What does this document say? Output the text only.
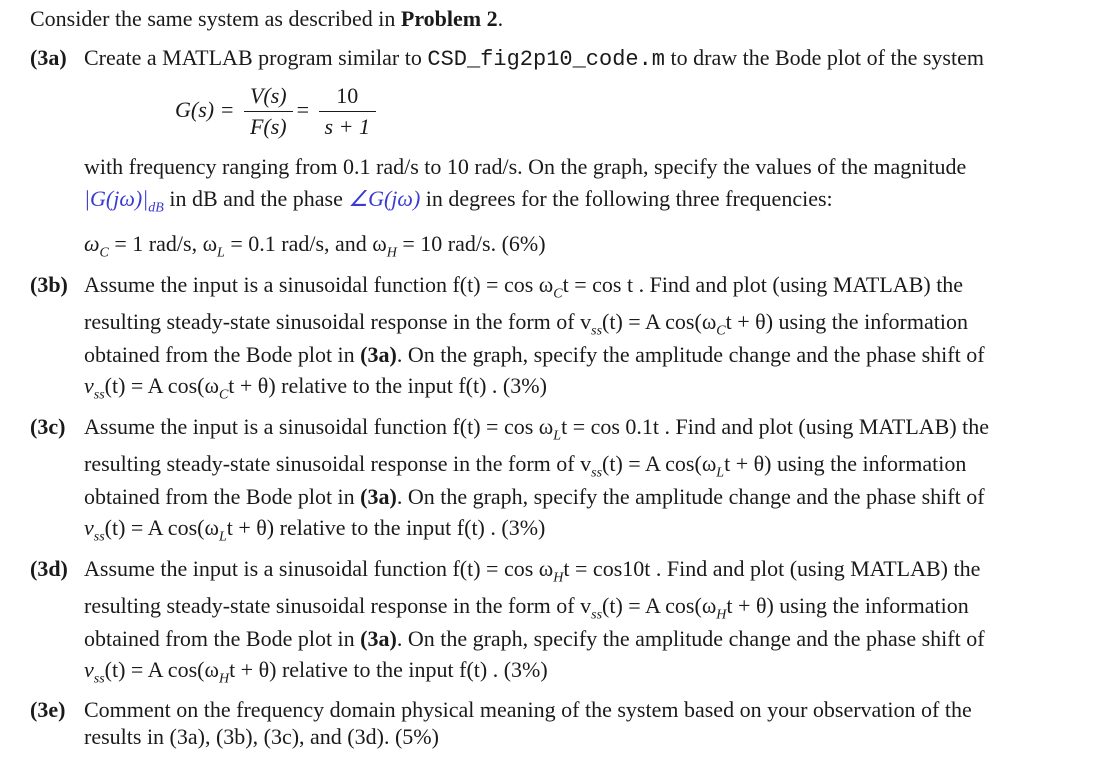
Consider the same system as described in Problem 2.
(3a) Create a MATLAB program similar to CSD_fig2p10_code.m to draw the Bode plot of the system
$G(s) = \frac{V(s)}{F(s)} = \frac{10}{s + 1}$
with frequency ranging from 0.1 rad/s to 10 rad/s. On the graph, specify the values of the magnitude
$|G(j\omega)|_{dB}$ in dB and the phase ∠G(jω) in degrees for the following three frequencies:
$\omega_C = 1$ rad/s, $\omega_L = 0.1$ rad/s, and $\omega_H = 10$ rad/s. (6%)
(3b) Assume the input is a sinusoidal function $f(t) = \cos \omega_Ct = \cos t$ . Find and plot (using MATLAB) the
resulting steady-state sinusoidal response in the form of $v_{ss}(t) = A$ $\cos(\omega_Ct + \theta)$ using the information
obtained from the Bode plot in (3a). On the graph, specify the amplitude change and the phase shift of
$v_{ss}(t) = A$ $\cos(\omega_Ct + \theta)$ relative to the input f(t) . (3%)
(3c) Assume the input is a sinusoidal function $f(t) = \cos \omega_Lt = \cos 0.1t$ . Find and plot (using MATLAB) the
resulting steady-state sinusoidal response in the form of $v_{ss}(t) = A$ $\cos(\omega_Lt + \theta)$ using the information
obtained from the Bode plot in (3a). On the graph, specify the amplitude change and the phase shift of
$v_{ss}(t) = A$ $\cos(\omega_Lt + \theta)$ relative to the input f(t) . (3%)
(3d) Assume the input is a sinusoidal function $f(t) = \cos \omega_Ht = \cos 10t$ . Find and plot (using MATLAB) the
resulting steady-state sinusoidal response in the form of $v_{ss}(t) = A$ $\cos(\omega_Ht + \theta)$ using the information
obtained from the Bode plot in (3a). On the graph, specify the amplitude change and the phase shift of
$v_{ss}(t) = A$ $\cos(\omega_Ht + \theta)$ relative to the input f(t) . (3%)
(3e) Comment on the frequency domain physical meaning of the system based on your observation of the
results in (3a), (3b), (3c), and (3d). (5%)
